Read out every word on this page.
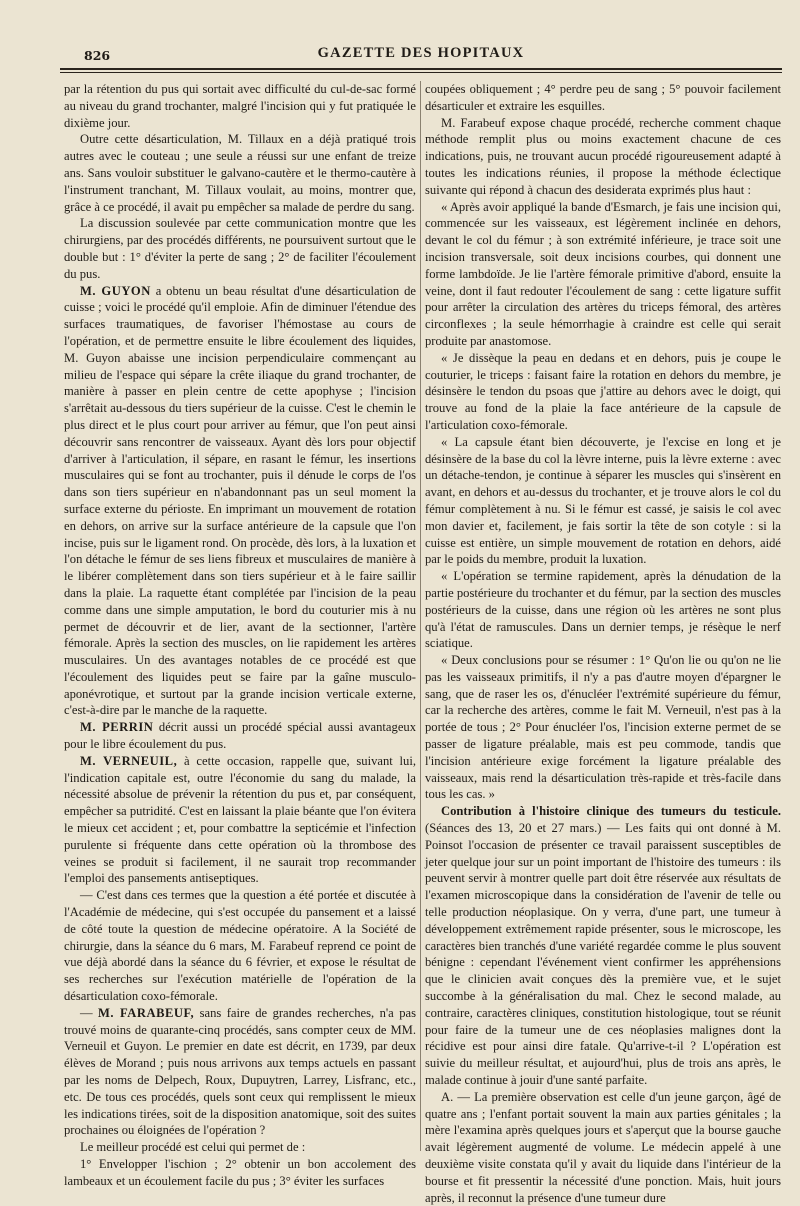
826	GAZETTE DES HOPITAUX

par la rétention du pus qui sortait avec difficulté du cul-de-sac formé au niveau du grand trochanter, malgré l'incision qui y fut pratiquée le dixième jour.

Outre cette désarticulation, M. Tillaux en a déjà pratiqué trois autres avec le couteau ; une seule a réussi sur une enfant de treize ans. Sans vouloir substituer le galvano-cautère et le thermo-cautère à l'instrument tranchant, M. Tillaux voulait, au moins, montrer que, grâce à ce procédé, il avait pu empêcher sa malade de perdre du sang.

La discussion soulevée par cette communication montre que les chirurgiens, par des procédés différents, ne poursuivent surtout que le double but : 1° d'éviter la perte de sang ; 2° de faciliter l'écoulement du pus.

M. GUYON a obtenu un beau résultat d'une désarticulation de cuisse ; voici le procédé qu'il emploie. Afin de diminuer l'étendue des surfaces traumatiques, de favoriser l'hémostase au cours de l'opération, et de permettre ensuite le libre écoulement des liquides, M. Guyon abaisse une incision perpendiculaire commençant au milieu de l'espace qui sépare la crête iliaque du grand trochanter, de manière à passer en plein centre de cette apophyse ; l'incision s'arrêtait au-dessous du tiers supérieur de la cuisse. C'est le chemin le plus direct et le plus court pour arriver au fémur, que l'on peut ainsi découvrir sans rencontrer de vaisseaux. Ayant dès lors pour objectif d'arriver à l'articulation, il sépare, en rasant le fémur, les insertions musculaires qui se font au trochanter, puis il dénude le corps de l'os dans son tiers supérieur en n'abandonnant pas un seul moment la surface externe du périoste. En imprimant un mouvement de rotation en dehors, on arrive sur la surface antérieure de la capsule que l'on incise, puis sur le ligament rond. On procède, dès lors, à la luxation et l'on détache le fémur de ses liens fibreux et musculaires de manière à le libérer complètement dans son tiers supérieur et à le faire saillir dans la plaie. La raquette étant complétée par l'incision de la peau comme dans une simple amputation, le bord du couturier mis à nu permet de découvrir et de lier, avant de la sectionner, l'artère fémorale. Après la section des muscles, on lie rapidement les artères musculaires. Un des avantages notables de ce procédé est que l'écoulement des liquides peut se faire par la gaîne musculo-aponévrotique, et surtout par la grande incision verticale externe, c'est-à-dire par le manche de la raquette.

M. PERRIN décrit aussi un procédé spécial aussi avantageux pour le libre écoulement du pus.

M. VERNEUIL, à cette occasion, rappelle que, suivant lui, l'indication capitale est, outre l'économie du sang du malade, la nécessité absolue de prévenir la rétention du pus et, par conséquent, empêcher sa putridité. C'est en laissant la plaie béante que l'on évitera le mieux cet accident ; et, pour combattre la septicémie et l'infection purulente si fréquente dans cette opération où la thrombose des veines se produit si facilement, il ne saurait trop recommander l'emploi des pansements antiseptiques.

— C'est dans ces termes que la question a été portée et discutée à l'Académie de médecine, qui s'est occupée du pansement et a laissé de côté toute la question de médecine opératoire. A la Société de chirurgie, dans la séance du 6 mars, M. Farabeuf reprend ce point de vue déjà abordé dans la séance du 6 février, et expose le résultat de ses recherches sur l'exécution matérielle de l'opération de la désarticulation coxo-fémorale.

— M. FARABEUF, sans faire de grandes recherches, n'a pas trouvé moins de quarante-cinq procédés, sans compter ceux de MM. Verneuil et Guyon. Le premier en date est décrit, en 1739, par deux élèves de Morand ; puis nous arrivons aux temps actuels en passant par les noms de Delpech, Roux, Dupuytren, Larrey, Lisfranc, etc., etc. De tous ces procédés, quels sont ceux qui remplissent le mieux les indications tirées, soit de la disposition anatomique, soit des suites prochaines ou éloignées de l'opération ?

Le meilleur procédé est celui qui permet de :

1° Envelopper l'ischion ; 2° obtenir un bon accolement des lambeaux et un écoulement facile du pus ; 3° éviter les surfaces

coupées obliquement ; 4° perdre peu de sang ; 5° pouvoir facilement désarticuler et extraire les esquilles.

M. Farabeuf expose chaque procédé, recherche comment chaque méthode remplit plus ou moins exactement chacune de ces indications, puis, ne trouvant aucun procédé rigoureusement adapté à toutes les indications réunies, il propose la méthode éclectique suivante qui répond à chacun des desiderata exprimés plus haut :

« Après avoir appliqué la bande d'Esmarch, je fais une incision qui, commencée sur les vaisseaux, est légèrement inclinée en dehors, devant le col du fémur ; à son extrémité inférieure, je trace soit une incision transversale, soit deux incisions courbes, qui donnent une forme lambdoïde. Je lie l'artère fémorale primitive d'abord, ensuite la veine, dont il faut redouter l'écoulement de sang : cette ligature suffit pour arrêter la circulation des artères du triceps fémoral, des artères circonflexes ; la seule hémorrhagie à craindre est celle qui serait produite par anastomose.

« Je dissèque la peau en dedans et en dehors, puis je coupe le couturier, le triceps : faisant faire la rotation en dehors du membre, je désinsère le tendon du psoas que j'attire au dehors avec le doigt, qui trouve au fond de la plaie la face antérieure de la capsule de l'articulation coxo-fémorale.

« La capsule étant bien découverte, je l'excise en long et je désinsère de la base du col la lèvre interne, puis la lèvre externe : avec un détache-tendon, je continue à séparer les muscles qui s'insèrent en avant, en dehors et au-dessus du trochanter, et je trouve alors le col du fémur complètement à nu. Si le fémur est cassé, je saisis le col avec mon davier et, facilement, je fais sortir la tête de son cotyle : si la cuisse est entière, un simple mouvement de rotation en dehors, aidé par le poids du membre, produit la luxation.

« L'opération se termine rapidement, après la dénudation de la partie postérieure du trochanter et du fémur, par la section des muscles postérieurs de la cuisse, dans une région où les artères ne sont plus qu'à l'état de ramuscules. Dans un dernier temps, je résèque le nerf sciatique.

« Deux conclusions pour se résumer : 1° Qu'on lie ou qu'on ne lie pas les vaisseaux primitifs, il n'y a pas d'autre moyen d'épargner le sang, que de raser les os, d'énucléer l'extrémité supérieure du fémur, car la recherche des artères, comme le fait M. Verneuil, n'est pas à la portée de tous ; 2° Pour énucléer l'os, l'incision externe permet de se passer de ligature préalable, mais est peu commode, tandis que l'incision antérieure exige forcément la ligature préalable des vaisseaux, mais rend la désarticulation très-rapide et très-facile dans tous les cas. »

Contribution à l'histoire clinique des tumeurs du testicule. (Séances des 13, 20 et 27 mars.) — Les faits qui ont donné à M. Poinsot l'occasion de présenter ce travail paraissent susceptibles de jeter quelque jour sur un point important de l'histoire des tumeurs : ils peuvent servir à montrer quelle part doit être réservée aux résultats de l'examen microscopique dans la considération de l'avenir de telle ou telle production néoplasique. On y verra, d'une part, une tumeur à développement extrêmement rapide présenter, sous le microscope, les caractères bien tranchés d'une variété regardée comme le plus souvent bénigne : cependant l'événement vient confirmer les appréhensions que le clinicien avait conçues dès la première vue, et le sujet succombe à la généralisation du mal. Chez le second malade, au contraire, caractères cliniques, constitution histologique, tout se réunit pour faire de la tumeur une de ces néoplasies malignes dont la récidive est pour ainsi dire fatale. Qu'arrive-t-il ? L'opération est suivie du meilleur résultat, et aujourd'hui, plus de trois ans après, le malade continue à jouir d'une santé parfaite.

A. — La première observation est celle d'un jeune garçon, âgé de quatre ans ; l'enfant portait souvent la main aux parties génitales ; la mère l'examina après quelques jours et s'aperçut que la bourse gauche avait légèrement augmenté de volume. Le médecin appelé à une deuxième visite constata qu'il y avait du liquide dans l'intérieur de la bourse et fit pressentir la nécessité d'une ponction. Mais, huit jours après, il reconnut la présence d'une tumeur dure
